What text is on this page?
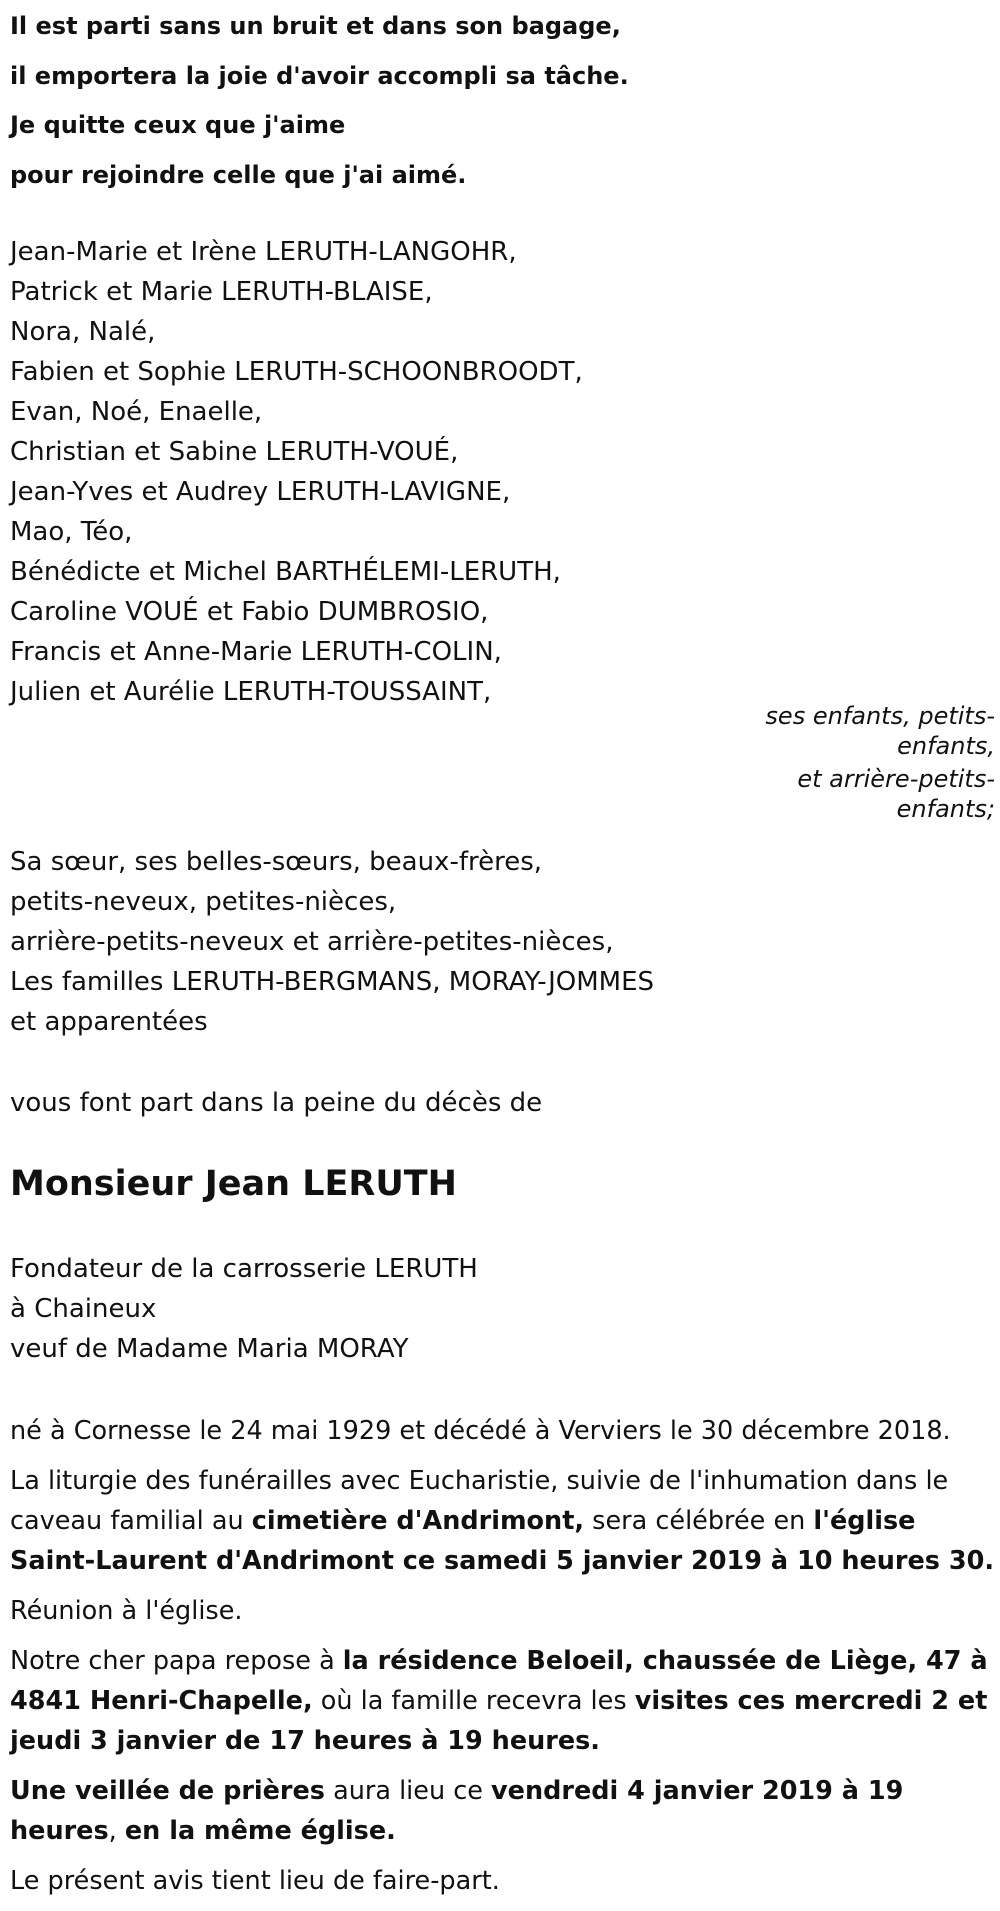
Il est parti sans un bruit et dans son bagage,
il emportera la joie d'avoir accompli sa tâche.
Je quitte ceux que j'aime
pour rejoindre celle que j'ai aimé.
Jean-Marie et Irène LERUTH-LANGOHR,
Patrick et Marie LERUTH-BLAISE,
Nora, Nalé,
Fabien et Sophie LERUTH-SCHOONBROODT,
Evan, Noé, Enaelle,
Christian et Sabine LERUTH-VOUÉ,
Jean-Yves et Audrey LERUTH-LAVIGNE,
Mao, Téo,
Bénédicte et Michel BARTHÉLEMI-LERUTH,
Caroline VOUÉ et Fabio DUMBROSIO,
Francis et Anne-Marie LERUTH-COLIN,
Julien et Aurélie LERUTH-TOUSSAINT,
ses enfants, petits-enfants,
et arrière-petits-enfants;
Sa sœur, ses belles-sœurs, beaux-frères,
petits-neveux, petites-nièces,
arrière-petits-neveux et arrière-petites-nièces,
Les familles LERUTH-BERGMANS, MORAY-JOMMES
et apparentées
vous font part dans la peine du décès de
Monsieur Jean LERUTH
Fondateur de la carrosserie LERUTH
à Chaineux
veuf de Madame Maria MORAY

né à Cornesse le 24 mai 1929 et décédé à Verviers le 30 décembre 2018.

La liturgie des funérailles avec Eucharistie, suivie de l'inhumation dans le caveau familial au cimetière d'Andrimont, sera célébrée en l'église Saint-Laurent d'Andrimont ce samedi 5 janvier 2019 à 10 heures 30.

Réunion à l'église.

Notre cher papa repose à la résidence Beloeil, chaussée de Liège, 47 à 4841 Henri-Chapelle, où la famille recevra les visites ces mercredi 2 et jeudi 3 janvier de 17 heures à 19 heures.

Une veillée de prières aura lieu ce vendredi 4 janvier 2019 à 19 heures, en la même église.

Le présent avis tient lieu de faire-part.
